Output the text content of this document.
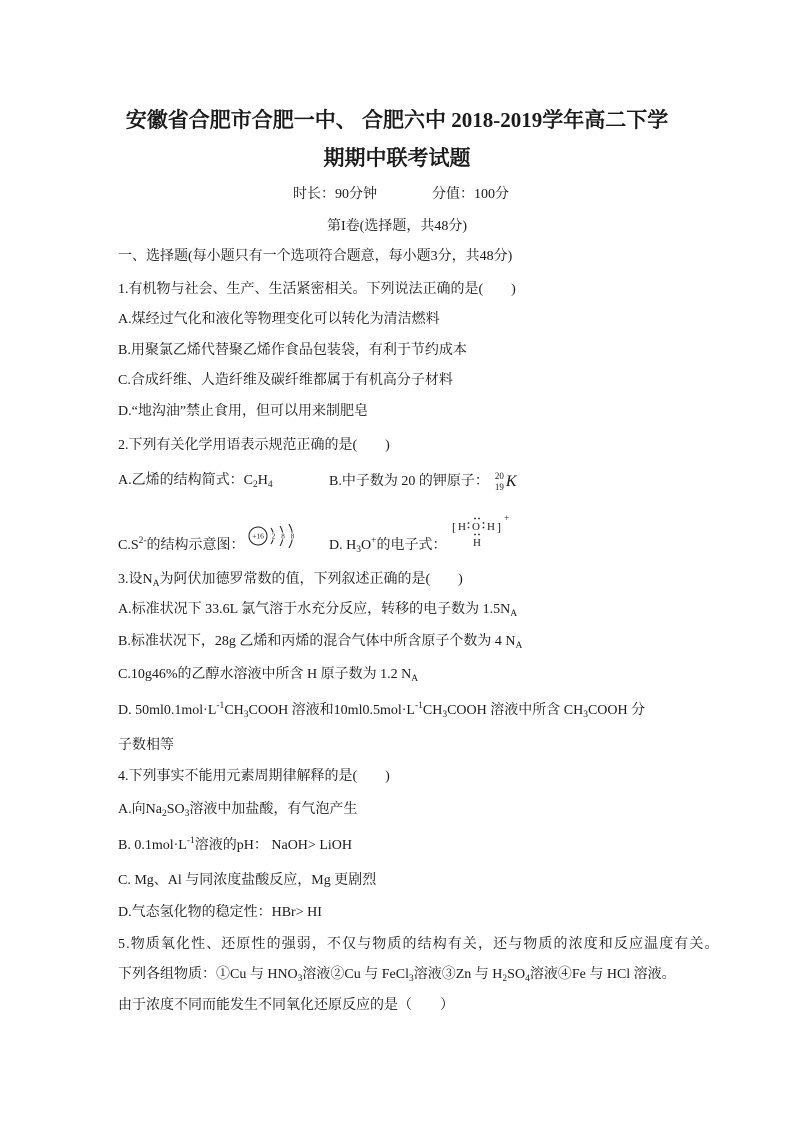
安徽省合肥市合肥一中、 合肥六中 2018-2019学年高二下学
期期中联考试题
时长：90分钟	分值：100分
第I卷(选择题，共48分)
一、选择题(每小题只有一个选项符合题意，每小题3分，共48分)
1.有机物与社会、生产、生活紧密相关。下列说法正确的是(        )
A.煤经过气化和液化等物理变化可以转化为清洁燃料
B.用聚氯乙烯代替聚乙烯作食品包装袋，有利于节约成本
C.合成纤维、人造纤维及碳纤维都属于有机高分子材料
D.“地沟油”禁止食用，但可以用来制肥皂
2.下列有关化学用语表示规范正确的是(        )
A.乙烯的结构简式：$C_2H_4$	B.中子数为 20 的钾原子： 20
19 K
$C.S^{2-}$的结构示意图：
+16 2 8 8
D. $H_3O^+$的电子式：
[ H O H ]
+
H
3.设$N_A$为阿伏加德罗常数的值，下列叙述正确的是(        )
A.标准状况下 33.6L 氯气溶于水充分反应，转移的电子数为 $1.5N_A$
B.标准状况下，28g 乙烯和丙烯的混合气体中所含原子个数为 4 $N_A$
C.10g46%的乙醇水溶液中所含 H 原子数为 1.2 $N_A$
D. $50ml0.1mol\cdot L^{-1}CH_3COOH$ 溶液和$10ml0.5mol\cdot L^{-1}CH_3COOH$ 溶液中所含 $CH_3COOH$ 分
子数相等
4.下列事实不能用元素周期律解释的是(        )
A.向$Na_2SO_3$溶液中加盐酸，有气泡产生
B. $0.1mol\cdot L^{-1}$溶液的pH： NaOH> LiOH
C. Mg、Al 与同浓度盐酸反应，Mg 更剧烈
D.气态氢化物的稳定性：HBr> HI
5.物质氧化性、还原性的强弱，不仅与物质的结构有关，还与物质的浓度和反应温度有关。
下列各组物质：①Cu 与 $HNO_3$溶液②Cu 与 FeCl$_3$溶液③Zn 与 $H_2SO_4$溶液④Fe 与 HCl 溶液。
由于浓度不同而能发生不同氧化还原反应的是（        ）
